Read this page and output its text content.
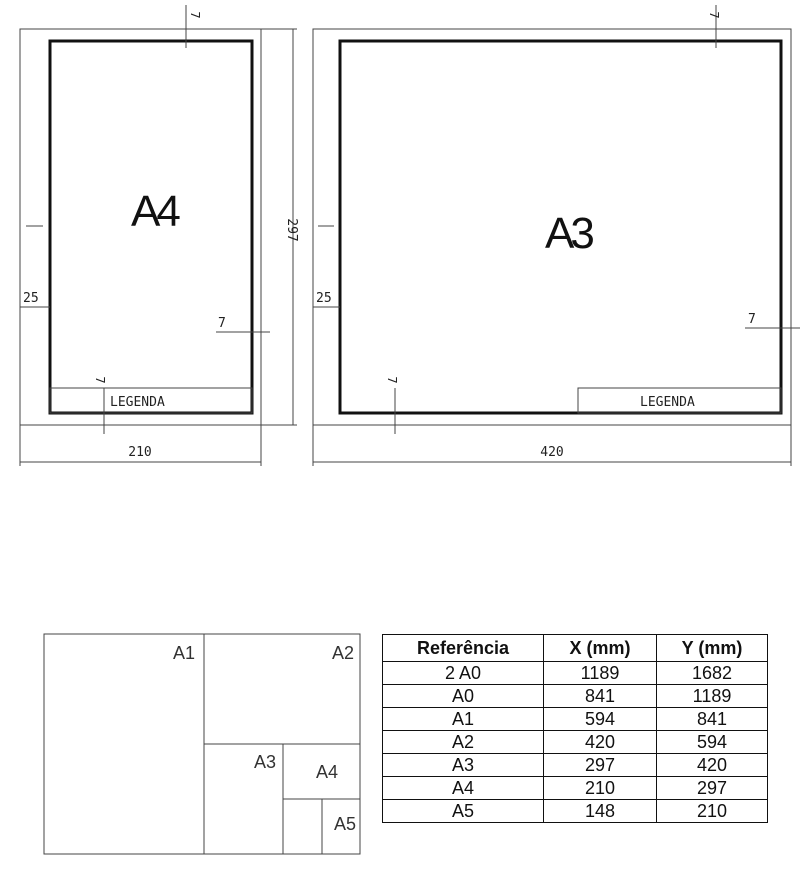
LEGENDA
A4
25
7
7
7
297
210
LEGENDA
A3
25
7
7
7
420
A1	A2
A3 A4
A5
Referência	X (mm)	Y (mm)
2 A0	1189	1682
A0	841	1189
A1	594	841
A2	420	594
A3	297	420
A4	210	297
A5	148	210
